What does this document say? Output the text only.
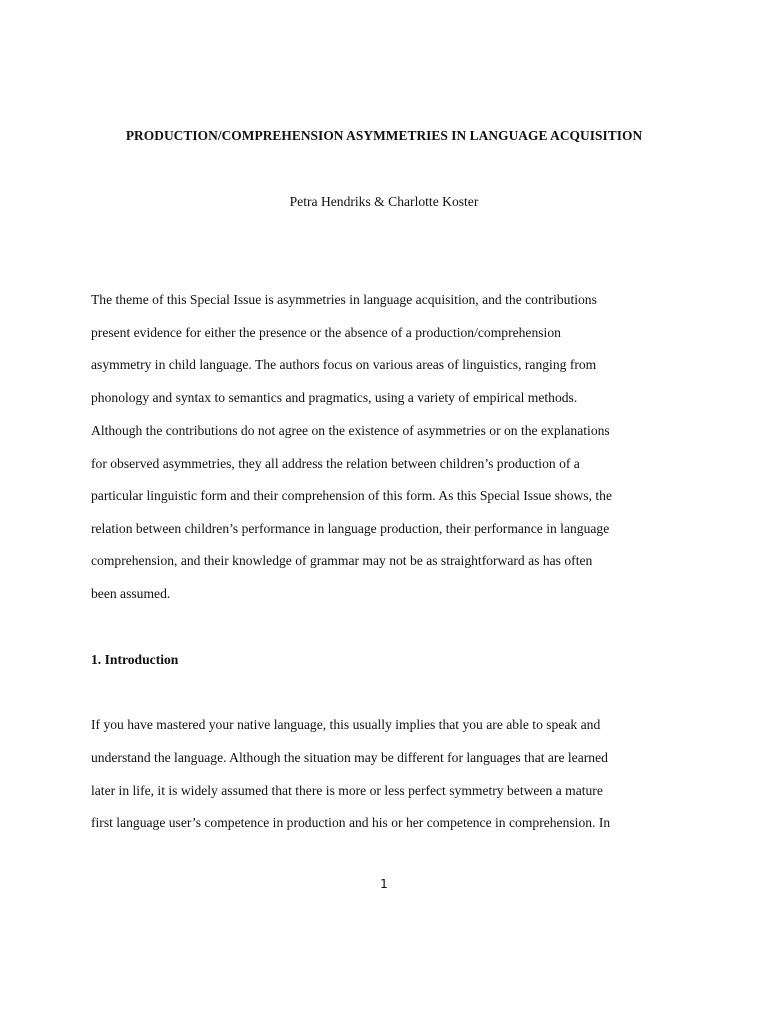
PRODUCTION/COMPREHENSION ASYMMETRIES IN LANGUAGE ACQUISITION
Petra Hendriks & Charlotte Koster
The theme of this Special Issue is asymmetries in language acquisition, and the contributions
present evidence for either the presence or the absence of a production/comprehension
asymmetry in child language. The authors focus on various areas of linguistics, ranging from
phonology and syntax to semantics and pragmatics, using a variety of empirical methods.
Although the contributions do not agree on the existence of asymmetries or on the explanations
for observed asymmetries, they all address the relation between children’s production of a
particular linguistic form and their comprehension of this form. As this Special Issue shows, the
relation between children’s performance in language production, their performance in language
comprehension, and their knowledge of grammar may not be as straightforward as has often
been assumed.
1. Introduction
If you have mastered your native language, this usually implies that you are able to speak and
understand the language. Although the situation may be different for languages that are learned
later in life, it is widely assumed that there is more or less perfect symmetry between a mature
first language user’s competence in production and his or her competence in comprehension. In
1
